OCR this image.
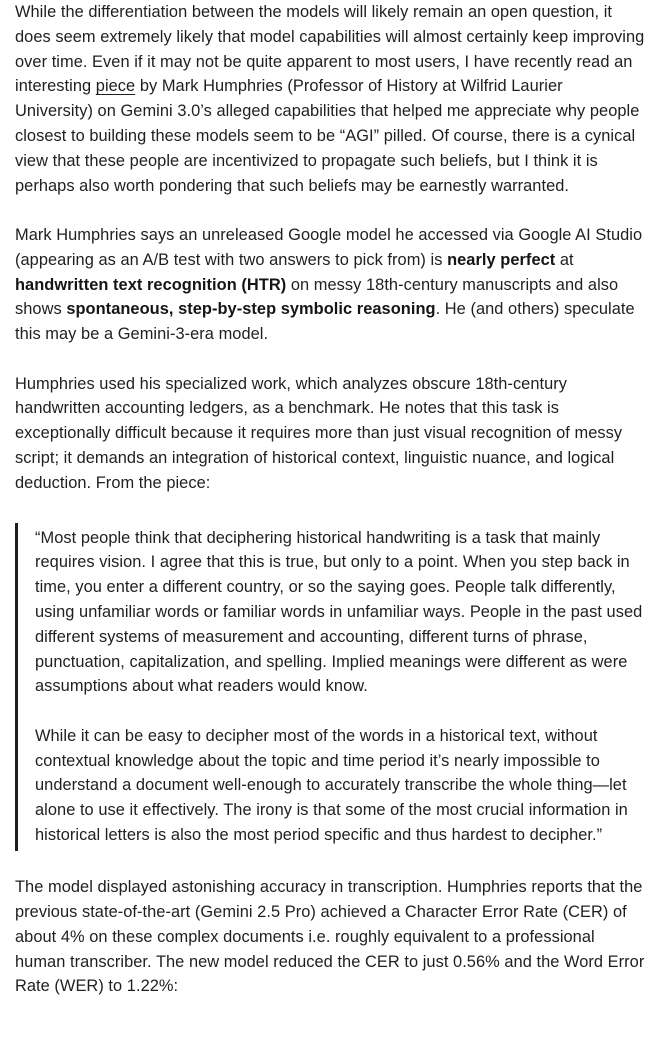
While the differentiation between the models will likely remain an open question, it does seem extremely likely that model capabilities will almost certainly keep improving over time. Even if it may not be quite apparent to most users, I have recently read an interesting piece by Mark Humphries (Professor of History at Wilfrid Laurier University) on Gemini 3.0’s alleged capabilities that helped me appreciate why people closest to building these models seem to be “AGI” pilled. Of course, there is a cynical view that these people are incentivized to propagate such beliefs, but I think it is perhaps also worth pondering that such beliefs may be earnestly warranted.

Mark Humphries says an unreleased Google model he accessed via Google AI Studio (appearing as an A/B test with two answers to pick from) is nearly perfect at handwritten text recognition (HTR) on messy 18th-century manuscripts and also shows spontaneous, step-by-step symbolic reasoning. He (and others) speculate this may be a Gemini-3-era model.

Humphries used his specialized work, which analyzes obscure 18th-century handwritten accounting ledgers, as a benchmark. He notes that this task is exceptionally difficult because it requires more than just visual recognition of messy script; it demands an integration of historical context, linguistic nuance, and logical deduction. From the piece:

“Most people think that deciphering historical handwriting is a task that mainly requires vision. I agree that this is true, but only to a point. When you step back in time, you enter a different country, or so the saying goes. People talk differently, using unfamiliar words or familiar words in unfamiliar ways. People in the past used different systems of measurement and accounting, different turns of phrase, punctuation, capitalization, and spelling. Implied meanings were different as were assumptions about what readers would know.

While it can be easy to decipher most of the words in a historical text, without contextual knowledge about the topic and time period it’s nearly impossible to understand a document well-enough to accurately transcribe the whole thing—let alone to use it effectively. The irony is that some of the most crucial information in historical letters is also the most period specific and thus hardest to decipher.”

The model displayed astonishing accuracy in transcription. Humphries reports that the previous state-of-the-art (Gemini 2.5 Pro) achieved a Character Error Rate (CER) of about 4% on these complex documents i.e. roughly equivalent to a professional human transcriber. The new model reduced the CER to just 0.56% and the Word Error Rate (WER) to 1.22%:
